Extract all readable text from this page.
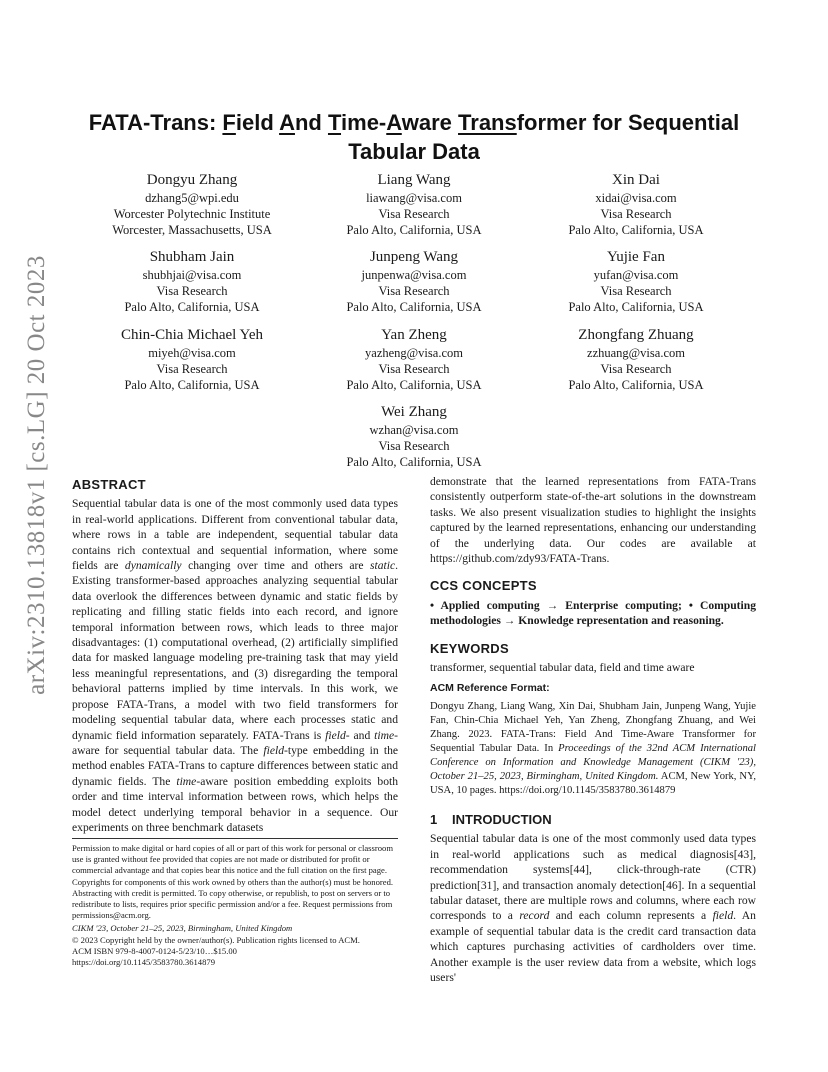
arXiv:2310.13818v1 [cs.LG] 20 Oct 2023
FATA-Trans: Field And Time-Aware Transformer for Sequential
Tabular Data
Dongyu Zhang
dzhang5@wpi.edu
Worcester Polytechnic Institute
Worcester, Massachusetts, USA
Liang Wang
liawang@visa.com
Visa Research
Palo Alto, California, USA
Xin Dai
xidai@visa.com
Visa Research
Palo Alto, California, USA
Shubham Jain
shubhjai@visa.com
Visa Research
Palo Alto, California, USA
Junpeng Wang
junpenwa@visa.com
Visa Research
Palo Alto, California, USA
Yujie Fan
yufan@visa.com
Visa Research
Palo Alto, California, USA
Chin-Chia Michael Yeh
miyeh@visa.com
Visa Research
Palo Alto, California, USA
Yan Zheng
yazheng@visa.com
Visa Research
Palo Alto, California, USA
Zhongfang Zhuang
zzhuang@visa.com
Visa Research
Palo Alto, California, USA
Wei Zhang
wzhan@visa.com
Visa Research
Palo Alto, California, USA
ABSTRACT

Sequential tabular data is one of the most commonly used data types in real-world applications. Different from conventional tabular data, where rows in a table are independent, sequential tabular data contains rich contextual and sequential information, where some fields are dynamically changing over time and others are static. Existing transformer-based approaches analyzing sequential tabular data overlook the differences between dynamic and static fields by replicating and filling static fields into each record, and ignore temporal information between rows, which leads to three major disadvantages: (1) computational overhead, (2) artificially simplified data for masked language modeling pre-training task that may yield less meaningful representations, and (3) disregarding the temporal behavioral patterns implied by time intervals. In this work, we propose FATA-Trans, a model with two field transformers for modeling sequential tabular data, where each processes static and dynamic field information separately. FATA-Trans is field- and time-aware for sequential tabular data. The field-type embedding in the method enables FATA-Trans to capture differences between static and dynamic fields. The time-aware position embedding exploits both order and time interval information between rows, which helps the model detect underlying temporal behavior in a sequence. Our experiments on three benchmark datasets

Permission to make digital or hard copies of all or part of this work for personal or classroom use is granted without fee provided that copies are not made or distributed for profit or commercial advantage and that copies bear this notice and the full citation on the first page. Copyrights for components of this work owned by others than the author(s) must be honored. Abstracting with credit is permitted. To copy otherwise, or republish, to post on servers or to redistribute to lists, requires prior specific permission and/or a fee. Request permissions from permissions@acm.org.

CIKM '23, October 21–25, 2023, Birmingham, United Kingdom

© 2023 Copyright held by the owner/author(s). Publication rights licensed to ACM.

ACM ISBN 979-8-4007-0124-5/23/10…$15.00

https://doi.org/10.1145/3583780.3614879

demonstrate that the learned representations from FATA-Trans consistently outperform state-of-the-art solutions in the downstream tasks. We also present visualization studies to highlight the insights captured by the learned representations, enhancing our understanding of the underlying data. Our codes are available at https://github.com/zdy93/FATA-Trans.

CCS CONCEPTS

• Applied computing → Enterprise computing; • Computing methodologies → Knowledge representation and reasoning.

KEYWORDS

transformer, sequential tabular data, field and time aware

ACM Reference Format:

Dongyu Zhang, Liang Wang, Xin Dai, Shubham Jain, Junpeng Wang, Yujie Fan, Chin-Chia Michael Yeh, Yan Zheng, Zhongfang Zhuang, and Wei Zhang. 2023. FATA-Trans: Field And Time-Aware Transformer for Sequential Tabular Data. In Proceedings of the 32nd ACM International Conference on Information and Knowledge Management (CIKM '23), October 21–25, 2023, Birmingham, United Kingdom. ACM, New York, NY, USA, 10 pages. https://doi.org/10.1145/3583780.3614879

1 INTRODUCTION

Sequential tabular data is one of the most commonly used data types in real-world applications such as medical diagnosis[43], recommendation systems[44], click-through-rate (CTR) prediction[31], and transaction anomaly detection[46]. In a sequential tabular dataset, there are multiple rows and columns, where each row corresponds to a record and each column represents a field. An example of sequential tabular data is the credit card transaction data which captures purchasing activities of cardholders over time. Another example is the user review data from a website, which logs users'
